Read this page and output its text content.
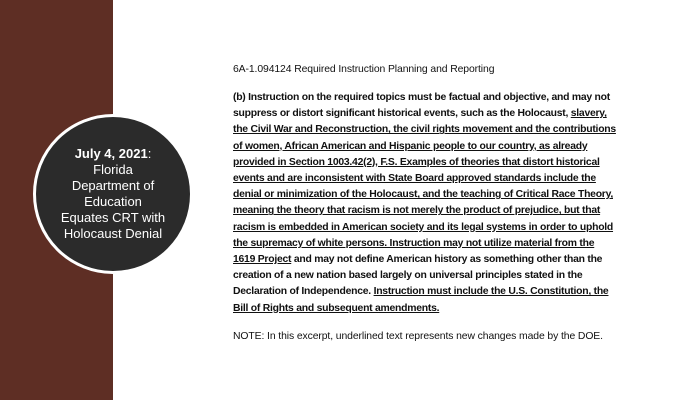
July 4, 2021:
Florida
Department of
Education
Equates CRT with
Holocaust Denial

6A-1.094124 Required Instruction Planning and Reporting

(b) Instruction on the required topics must be factual and objective, and may not suppress or distort significant historical events, such as the Holocaust, slavery, the Civil War and Reconstruction, the civil rights movement and the contributions of women, African American and Hispanic people to our country, as already provided in Section 1003.42(2), F.S. Examples of theories that distort historical events and are inconsistent with State Board approved standards include the denial or minimization of the Holocaust, and the teaching of Critical Race Theory, meaning the theory that racism is not merely the product of prejudice, but that racism is embedded in American society and its legal systems in order to uphold the supremacy of white persons. Instruction may not utilize material from the 1619 Project and may not define American history as something other than the creation of a new nation based largely on universal principles stated in the Declaration of Independence. Instruction must include the U.S. Constitution, the Bill of Rights and subsequent amendments.

NOTE: In this excerpt, underlined text represents new changes made by the DOE.
